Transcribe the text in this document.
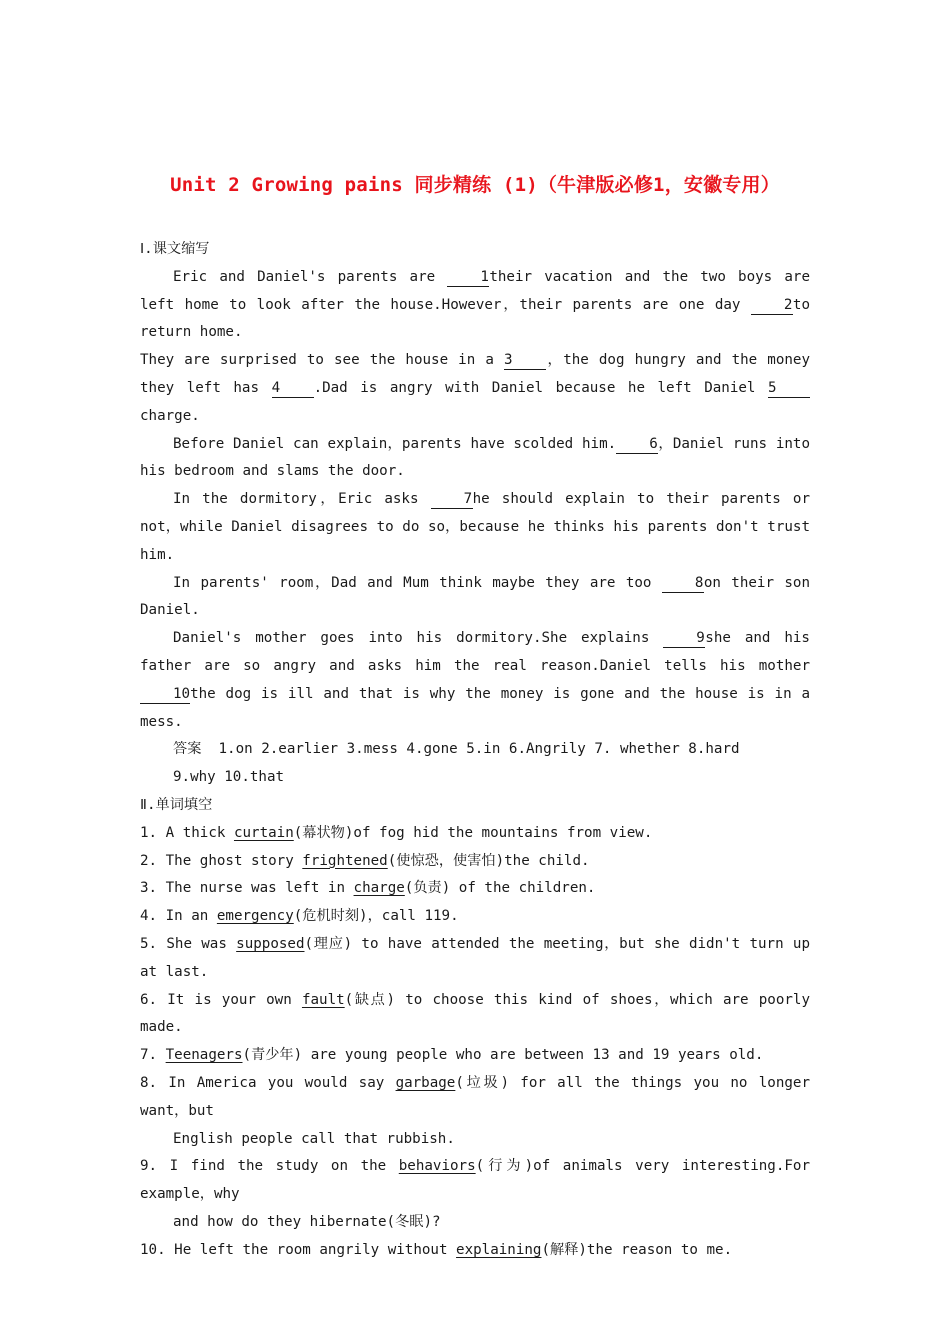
Unit 2 Growing pains 同步精练 (1)（牛津版必修1，安徽专用）
Ⅰ.课文缩写
Eric and Daniel's parents are 1their vacation and the two boys are left home to look after the house.However，their parents are one day 2to return home.
They are surprised to see the house in a 3 ，the dog hungry and the money they left has 4 .Dad is angry with Daniel because he left Daniel 5charge.
Before Daniel can explain，parents have scolded him. 6，Daniel runs into his bedroom and slams the door.
In the dormitory，Eric asks 7he should explain to their parents or not，while Daniel disagrees to do so，because he thinks his parents don't trust him.
In parents' room，Dad and Mum think maybe they are too 8on their son Daniel.
Daniel's mother goes into his dormitory.She explains 9she and his father are so angry and asks him the real reason.Daniel tells his mother 10the dog is ill and that is why the money is gone and the house is in a mess.
答案 1.on 2.earlier 3.mess 4.gone 5.in 6.Angrily 7. whether 8.hard
9.why 10.that
Ⅱ.单词填空
1. A thick curtain(幕状物)of fog hid the mountains from view.
2. The ghost story frightened(使惊恐，使害怕)the child.
3. The nurse was left in charge(负责) of the children.
4. In an emergency(危机时刻)，call 119.
5. She was supposed(理应) to have attended the meeting，but she didn't turn up at last.
6. It is your own fault(缺点) to choose this kind of shoes，which are poorly made.
7. Teenagers(青少年) are young people who are between 13 and 19 years old.
8. In America you would say garbage(垃圾) for all the things you no longer want，but
English people call that rubbish.
9. I find the study on the behaviors(行为)of animals very interesting.For example，why
and how do they hibernate(冬眠)?
10. He left the room angrily without explaining(解释)the reason to me.
